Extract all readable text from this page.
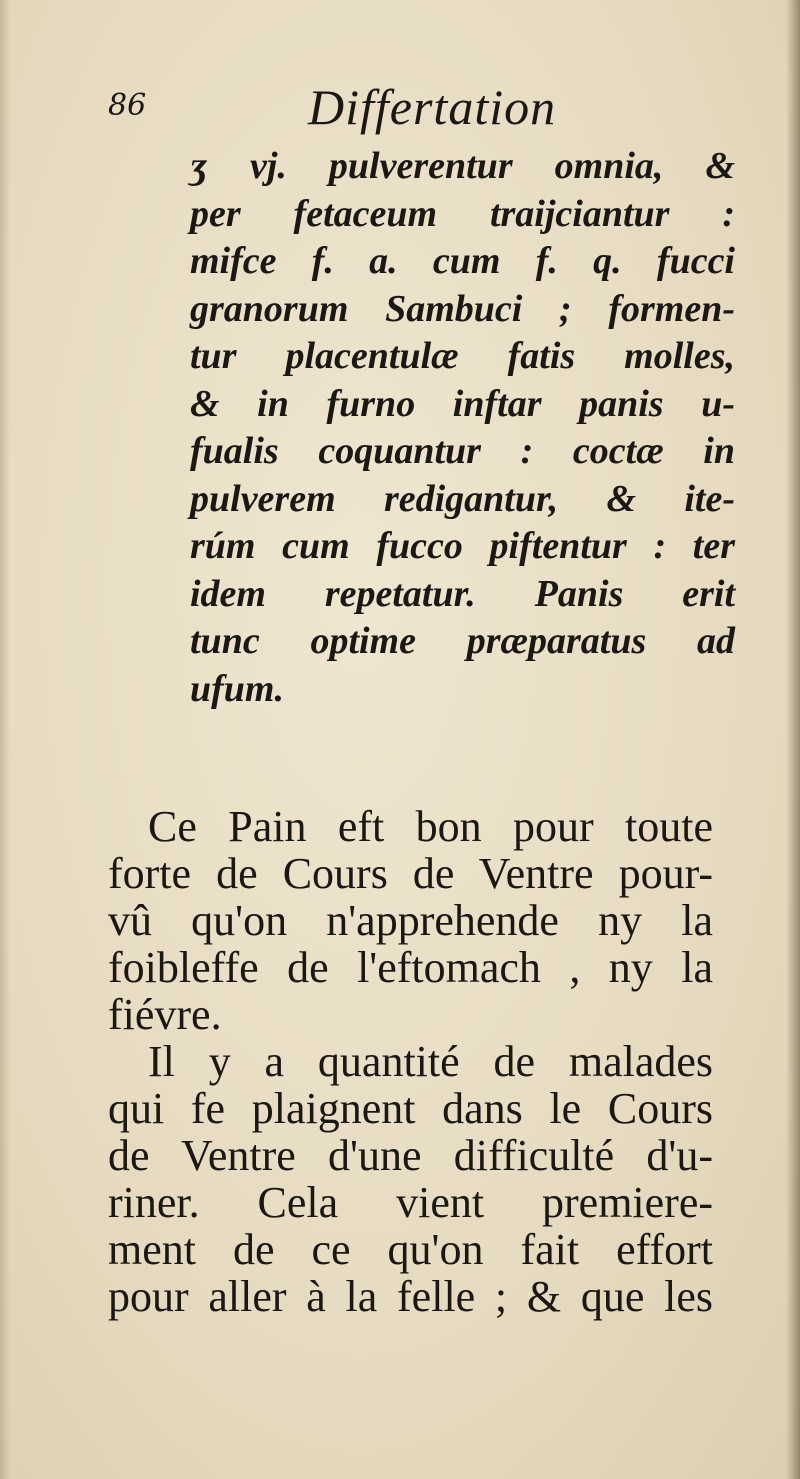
86	Differtation
ʒ vj. pulverentur omnia, &
per fetaceum traijciantur :
mifce f. a. cum f. q. fucci
granorum Sambuci ; formen-
tur placentulæ fatis molles,
& in furno inftar panis u-
fualis coquantur : coctæ in
pulverem redigantur, & ite-
rúm cum fucco piftentur : ter
idem repetatur. Panis erit
tunc optime præparatus ad
ufum.
Ce Pain eft bon pour toute
forte de Cours de Ventre pour-
vû qu'on n'apprehende ny la
foibleffe de l'eftomach , ny la
fiévre.
Il y a quantité de malades
qui fe plaignent dans le Cours
de Ventre d'une difficulté d'u-
riner. Cela vient premiere-
ment de ce qu'on fait effort
pour aller à la felle ; & que les
